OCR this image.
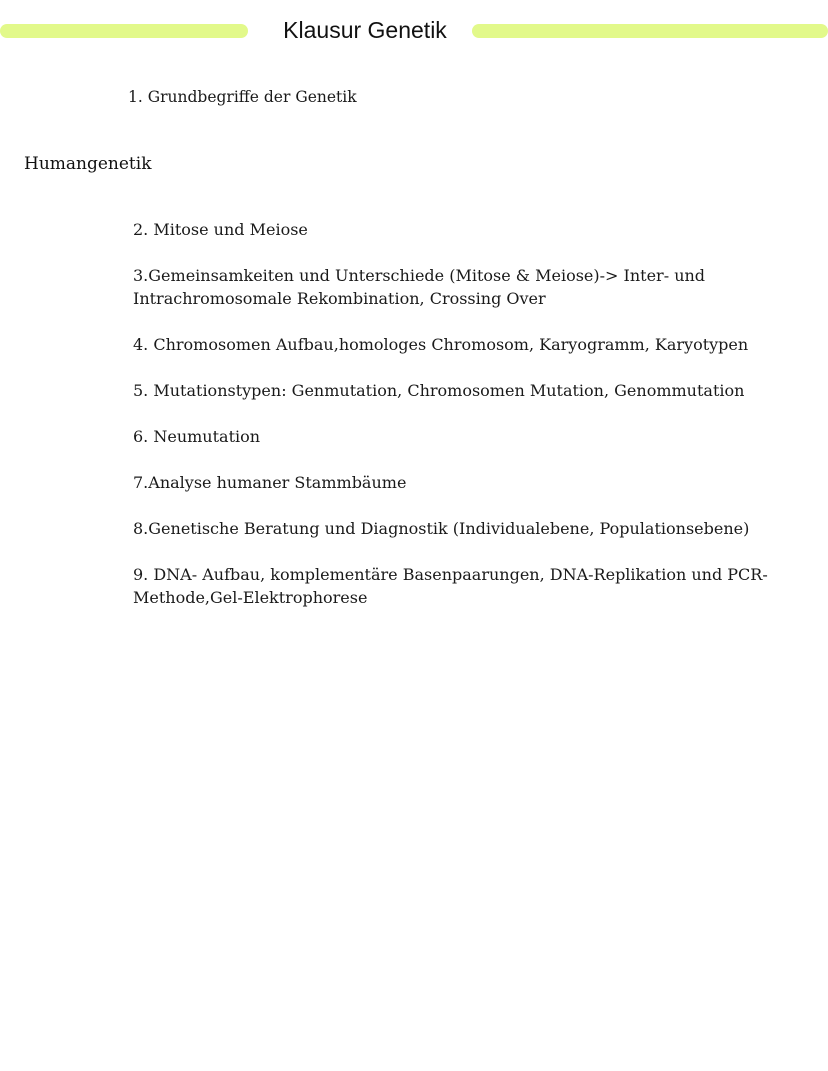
Klausur Genetik
1. Grundbegriffe der Genetik
Humangenetik
2. Mitose und Meiose
3.Gemeinsamkeiten und Unterschiede (Mitose & Meiose)-> Inter- und Intrachromosomale Rekombination, Crossing Over
4. Chromosomen Aufbau,homologes Chromosom, Karyogramm, Karyotypen
5. Mutationstypen: Genmutation, Chromosomen Mutation, Genommutation
6. Neumutation
7.Analyse humaner Stammbäume
8.Genetische Beratung und Diagnostik (Individualebene, Populationsebene)
9. DNA- Aufbau, komplementäre Basenpaarungen, DNA-Replikation und PCR-Methode,Gel-Elektrophorese
